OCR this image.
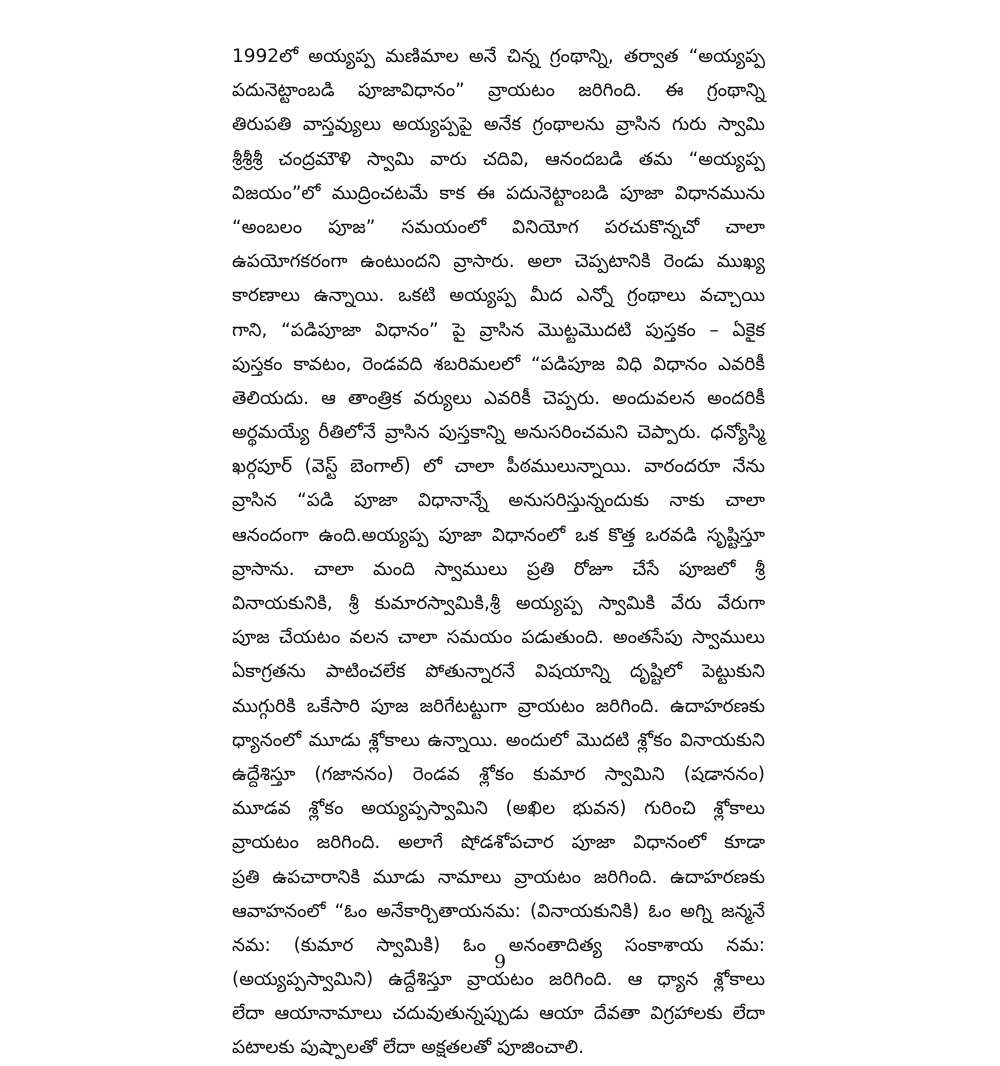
1992లో అయ్యప్ప మణిమాల అనే చిన్న గ్రంథాన్ని, తర్వాత “అయ్యప్ప
పదునెట్టాంబడి పూజావిధానం” వ్రాయటం జరిగింది. ఈ గ్రంథాన్ని
తిరుపతి వాస్తవ్యులు అయ్యప్పపై అనేక గ్రంథాలను వ్రాసిన గురు స్వామి
శ్రీశ్రీశ్రీ చంద్రమౌళి స్వామి వారు చదివి, ఆనందబడి తమ “అయ్యప్ప
విజయం”లో ముద్రించటమే కాక ఈ పదునెట్టాంబడి పూజా విధానమును
“అంబలం పూజ” సమయంలో వినియోగ పరచుకొన్నచో చాలా
ఉపయోగకరంగా ఉంటుందని వ్రాసారు. అలా చెప్పటానికి రెండు ముఖ్య
కారణాలు ఉన్నాయి. ఒకటి అయ్యప్ప మీద ఎన్నో గ్రంథాలు వచ్చాయి
గాని, “పడిపూజా విధానం” పై వ్రాసిన మొట్టమొదటి పుస్తకం – ఏకైక
పుస్తకం కావటం, రెండవది శబరిమలలో “పడిపూజ విధి విధానం ఎవరికీ
తెలియదు. ఆ తాంత్రిక వర్యులు ఎవరికీ చెప్పరు. అందువలన అందరికీ
అర్థమయ్యే రీతిలోనే వ్రాసిన పుస్తకాన్ని అనుసరించమని చెప్పారు. ధన్యోస్మి
ఖర్గపూర్ (వెస్ట్ బెంగాల్) లో చాలా పీఠములున్నాయి. వారందరూ నేను
వ్రాసిన “పడి పూజా విధానాన్నే అనుసరిస్తున్నందుకు నాకు చాలా
ఆనందంగా ఉంది.అయ్యప్ప పూజా విధానంలో ఒక కొత్త ఒరవడి సృష్టిస్తూ
వ్రాసాను. చాలా మంది స్వాములు ప్రతి రోజూ చేసే పూజలో శ్రీ
వినాయకునికి, శ్రీ కుమారస్వామికి,శ్రీ అయ్యప్ప స్వామికి వేరు వేరుగా
పూజ చేయటం వలన చాలా సమయం పడుతుంది. అంతసేపు స్వాములు
ఏకాగ్రతను పాటించలేక పోతున్నారనే విషయాన్ని దృష్టిలో పెట్టుకుని
ముగ్గురికి ఒకేసారి పూజ జరిగేటట్టుగా వ్రాయటం జరిగింది. ఉదాహరణకు
ధ్యానంలో మూడు శ్లోకాలు ఉన్నాయి. అందులో మొదటి శ్లోకం వినాయకుని
ఉద్దేశిస్తూ (గజాననం) రెండవ శ్లోకం కుమార స్వామిని (షడాననం)
మూడవ శ్లోకం అయ్యప్పస్వామిని (అఖిల భువన) గురించి శ్లోకాలు
వ్రాయటం జరిగింది. అలాగే షోడశోపచార పూజా విధానంలో కూడా
ప్రతి ఉపచారానికి మూడు నామాలు వ్రాయటం జరిగింది. ఉదాహరణకు
ఆవాహనంలో “ఓం అనేకార్చితాయనమ: (వినాయకునికి) ఓం అగ్ని జన్మనే
నమ: (కుమార స్వామికి) ఓం అనంతాదిత్య సంకాశాయ నమ:
(అయ్యప్పస్వామిని) ఉద్దేశిస్తూ వ్రాయటం జరిగింది. ఆ ధ్యాన శ్లోకాలు
లేదా ఆయానామాలు చదువుతున్నప్పుడు ఆయా దేవతా విగ్రహాలకు లేదా
పటాలకు పుష్పాలతో లేదా అక్షతలతో పూజించాలి.
9
